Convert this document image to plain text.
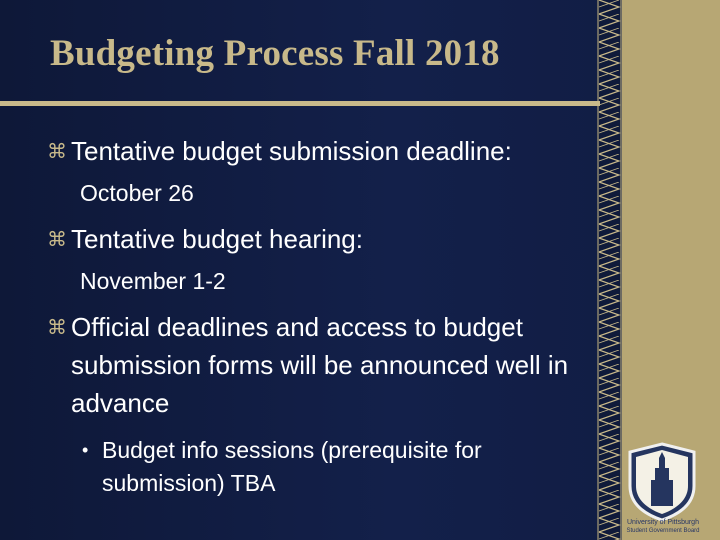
Budgeting Process Fall 2018
⌘ Tentative budget submission deadline:
October 26
⌘ Tentative budget hearing:
November 1-2
⌘ Official deadlines and access to budget submission forms will be announced well in advance
• Budget info sessions (prerequisite for submission) TBA
University of Pittsburgh
Student Government Board
